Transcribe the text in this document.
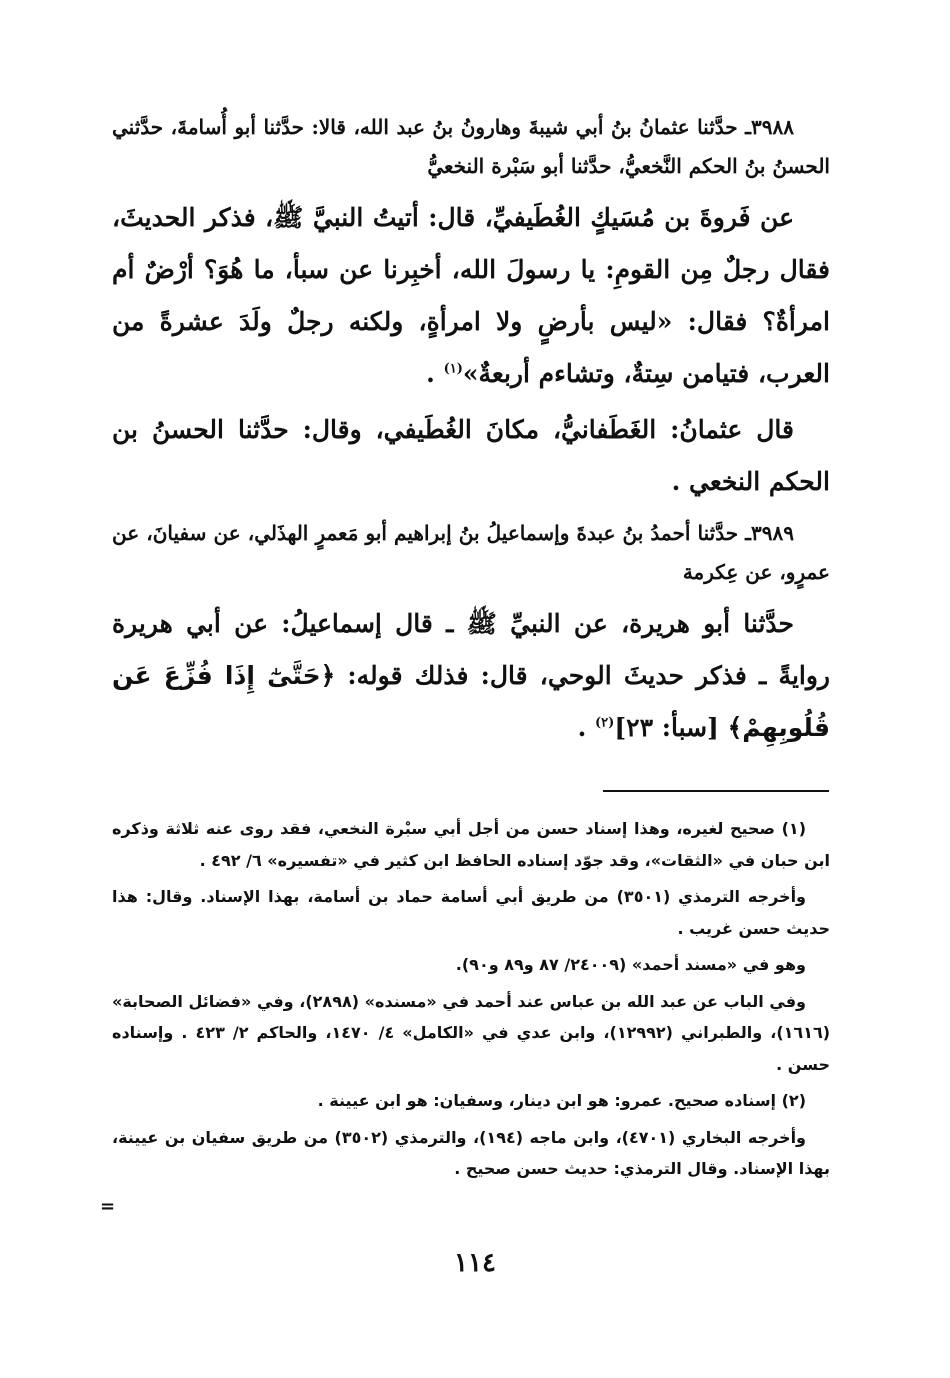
٣٩٨٨ـ حدَّثنا عثمانُ بنُ أبي شيبةَ وهارونُ بنُ عبد الله، قالا: حدَّثنا أبو أُسامةَ، حدَّثني الحسنُ بنُ الحكم النَّخعيُّ، حدَّثنا أبو سَبْرة النخعيُّ

عن فَروةَ بن مُسَيكٍ الغُطَيفيِّ، قال: أتيتُ النبيَّ ﷺ، فذكر الحديثَ، فقال رجلٌ مِن القومِ: يا رسولَ الله، أخبِرنا عن سبأ، ما هُوَ؟ أرْضٌ أم امرأةٌ؟ فقال: «ليس بأرضٍ ولا امرأةٍ، ولكنه رجلٌ ولَدَ عشرةً من العرب، فتيامن سِتةٌ، وتشاءم أربعةٌ»$^{(١)}$ .

قال عثمانُ: الغَطَفانيُّ، مكانَ الغُطَيفي، وقال: حدَّثنا الحسنُ بن الحكم النخعي .

٣٩٨٩ـ حدَّثنا أحمدُ بنُ عبدةَ وإسماعيلُ بنُ إبراهيم أبو مَعمرٍ الهذَلي، عن سفيانَ، عن عمرٍو، عن عِكرمة

حدَّثنا أبو هريرة، عن النبيِّ ﷺ ـ قال إسماعيلُ: عن أبي هريرة روايةً ـ فذكر حديثَ الوحي، قال: فذلك قوله: ﴿حَتَّىٰٓ إِذَا فُزِّعَ عَن قُلُوبِهِمْ﴾ [سبأ: ٢٣]$^{(٢)}$ .

(١) صحيح لغيره، وهذا إسناد حسن من أجل أبي سبْرة النخعي، فقد روى عنه ثلاثة وذكره ابن حبان في «الثقات»، وقد جوّد إسناده الحافظ ابن كثير في «تفسيره» ٦/ ٤٩٢ .

وأخرجه الترمذي (٣٥٠١) من طريق أبي أسامة حماد بن أسامة، بهذا الإسناد. وقال: هذا حديث حسن غريب .

وهو في «مسند أحمد» (٢٤٠٠٩/ ٨٧ و٨٩ و٩٠).

وفي الباب عن عبد الله بن عباس عند أحمد في «مسنده» (٢٨٩٨)، وفي «فضائل الصحابة» (١٦١٦)، والطبراني (١٢٩٩٢)، وابن عدي في «الكامل» ٤/ ١٤٧٠، والحاكم ٢/ ٤٢٣ . وإسناده حسن .

(٢) إسناده صحيح. عمرو: هو ابن دينار، وسفيان: هو ابن عيينة .

وأخرجه البخاري (٤٧٠١)، وابن ماجه (١٩٤)، والترمذي (٣٥٠٢) من طريق سفيان بن عيينة، بهذا الإسناد. وقال الترمذي: حديث حسن صحيح .

=
١١٤
